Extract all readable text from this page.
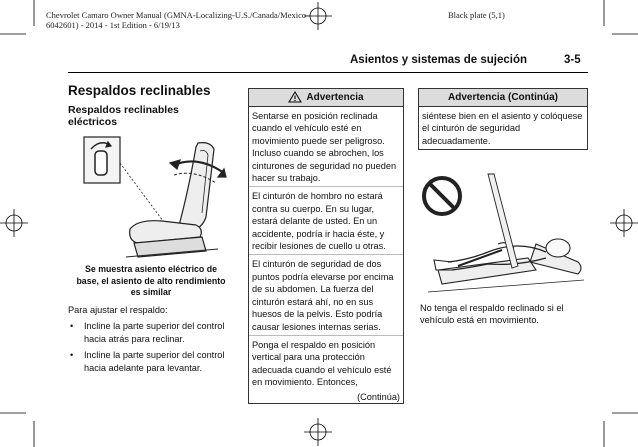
Chevrolet Camaro Owner Manual (GMNA-Localizing-U.S./Canada/Mexico-
6042601) - 2014 - 1st Edition - 6/19/13
Black plate (5,1)
Asientos y sistemas de sujeción	3-5
Respaldos reclinables
Respaldos reclinables eléctricos
Se muestra asiento eléctrico de base, el asiento de alto rendimiento es similar
Para ajustar el respaldo:
• Incline la parte superior del control hacia atrás para reclinar.
• Incline la parte superior del control hacia adelante para levantar.
Advertencia

Sentarse en posición reclinada cuando el vehículo esté en movimiento puede ser peligroso. Incluso cuando se abrochen, los cinturones de seguridad no pueden hacer su trabajo.

El cinturón de hombro no estará contra su cuerpo. En su lugar, estará delante de usted. En un accidente, podría ir hacia éste, y recibir lesiones de cuello u otras.

El cinturón de seguridad de dos puntos podría elevarse por encima de su abdomen. La fuerza del cinturón estará ahí, no en sus huesos de la pelvis. Esto podría causar lesiones internas serias.

Ponga el respaldo en posición vertical para una protección adecuada cuando el vehículo esté en movimiento. Entonces,

(Continúa)
Advertencia (Continúa)

siéntese bien en el asiento y colóquese el cinturón de seguridad adecuadamente.

No tenga el respaldo reclinado si el vehículo está en movimiento.
